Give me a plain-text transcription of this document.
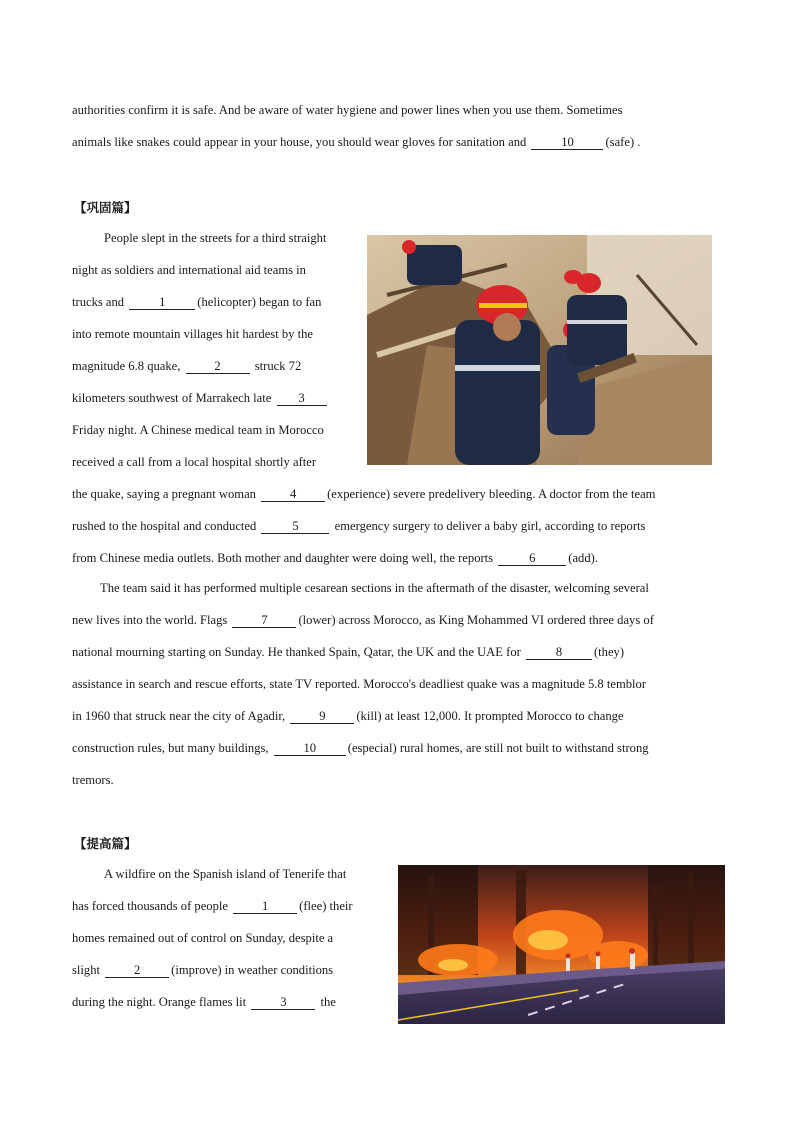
authorities confirm it is safe. And be aware of water hygiene and power lines when you use them. Sometimes
animals like snakes could appear in your house, you should wear gloves for sanitation and	10	(safe) .
【巩固篇】
People slept in the streets for a third straight
night as soldiers and international aid teams in
trucks and	1	(helicopter) began to fan
into remote mountain villages hit hardest by the
magnitude 6.8 quake,	2	struck 72
kilometers southwest of Marrakech late 3
Friday night. A Chinese medical team in Morocco
received a call from a local hospital shortly after
the quake, saying a pregnant woman	4 (experience) severe predelivery bleeding. A doctor from the team
rushed to the hospital and conducted	5	emergency surgery to deliver a baby girl, according to reports
from Chinese media outlets. Both mother and daughter were doing well, the reports	6	(add).
The team said it has performed multiple cesarean sections in the aftermath of the disaster, welcoming several
new lives into the world. Flags	7 (lower) across Morocco, as King Mohammed VI ordered three days of
national mourning starting on Sunday. He thanked Spain, Qatar, the UK and the UAE for	8	(they)
assistance in search and rescue efforts, state TV reported. Morocco's deadliest quake was a magnitude 5.8 temblor
in 1960 that struck near the city of Agadir,	9 (kill) at least 12,000. It prompted Morocco to change
construction rules, but many buildings,	10	(especial) rural homes, are still not built to withstand strong
tremors.
【提高篇】
A wildfire on the Spanish island of Tenerife that
has forced thousands of people	1 (flee) their
homes remained out of control on Sunday, despite a
slight	2 (improve) in weather conditions
during the night. Orange flames lit	3	the
